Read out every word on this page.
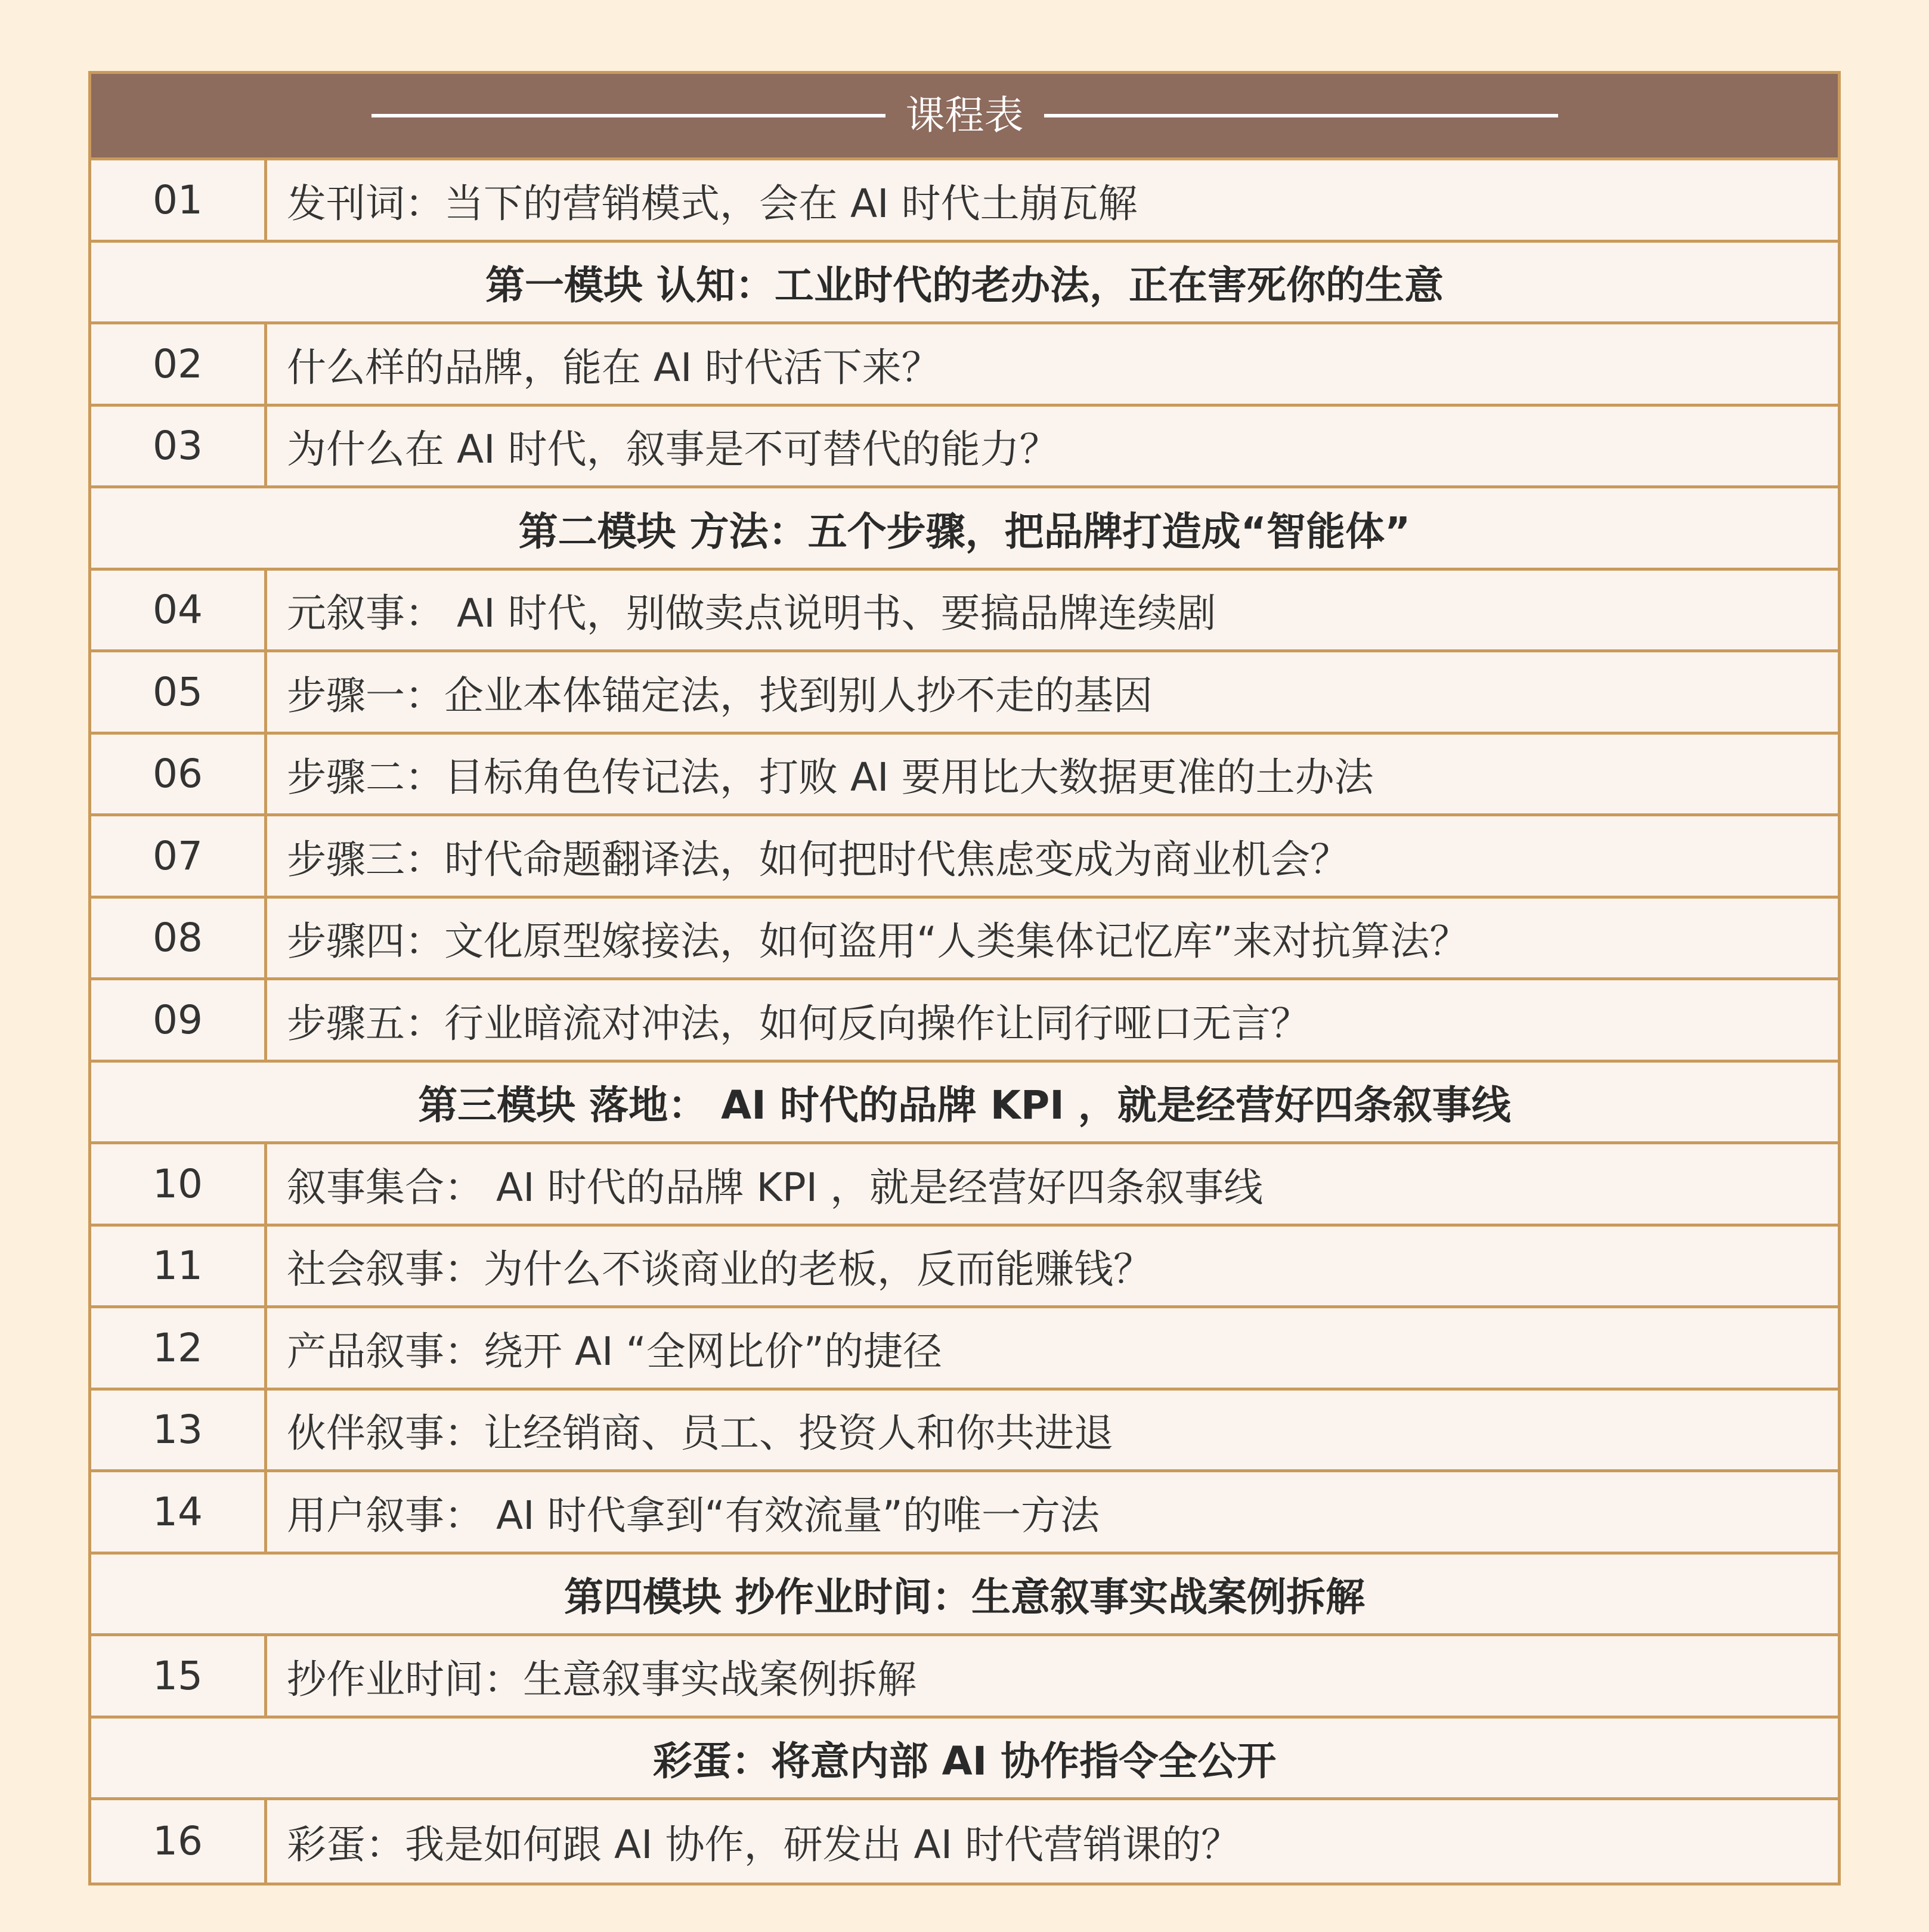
课程表
01	发刊词：当下的营销模式，会在 AI 时代土崩瓦解
第一模块 认知：工业时代的老办法，正在害死你的生意
02	什么样的品牌，能在 AI 时代活下来？
03	为什么在 AI 时代，叙事是不可替代的能力？
第二模块 方法：五个步骤，把品牌打造成“智能体”
04	元叙事： AI 时代，别做卖点说明书、要搞品牌连续剧
05	步骤一：企业本体锚定法，找到别人抄不走的基因
06	步骤二：目标角色传记法，打败 AI 要用比大数据更准的土办法
07	步骤三：时代命题翻译法，如何把时代焦虑变成为商业机会？
08	步骤四：文化原型嫁接法，如何盗用“人类集体记忆库”来对抗算法？
09	步骤五：行业暗流对冲法，如何反向操作让同行哑口无言？
第三模块 落地： AI 时代的品牌 KPI ，就是经营好四条叙事线
10	叙事集合： AI 时代的品牌 KPI ，就是经营好四条叙事线
11	社会叙事：为什么不谈商业的老板，反而能赚钱？
12	产品叙事：绕开 AI “全网比价”的捷径
13	伙伴叙事：让经销商、员工、投资人和你共进退
14	用户叙事： AI 时代拿到“有效流量”的唯一方法
第四模块 抄作业时间：生意叙事实战案例拆解
15	抄作业时间：生意叙事实战案例拆解
彩蛋：将意内部 AI 协作指令全公开
16	彩蛋：我是如何跟 AI 协作，研发出 AI 时代营销课的？
